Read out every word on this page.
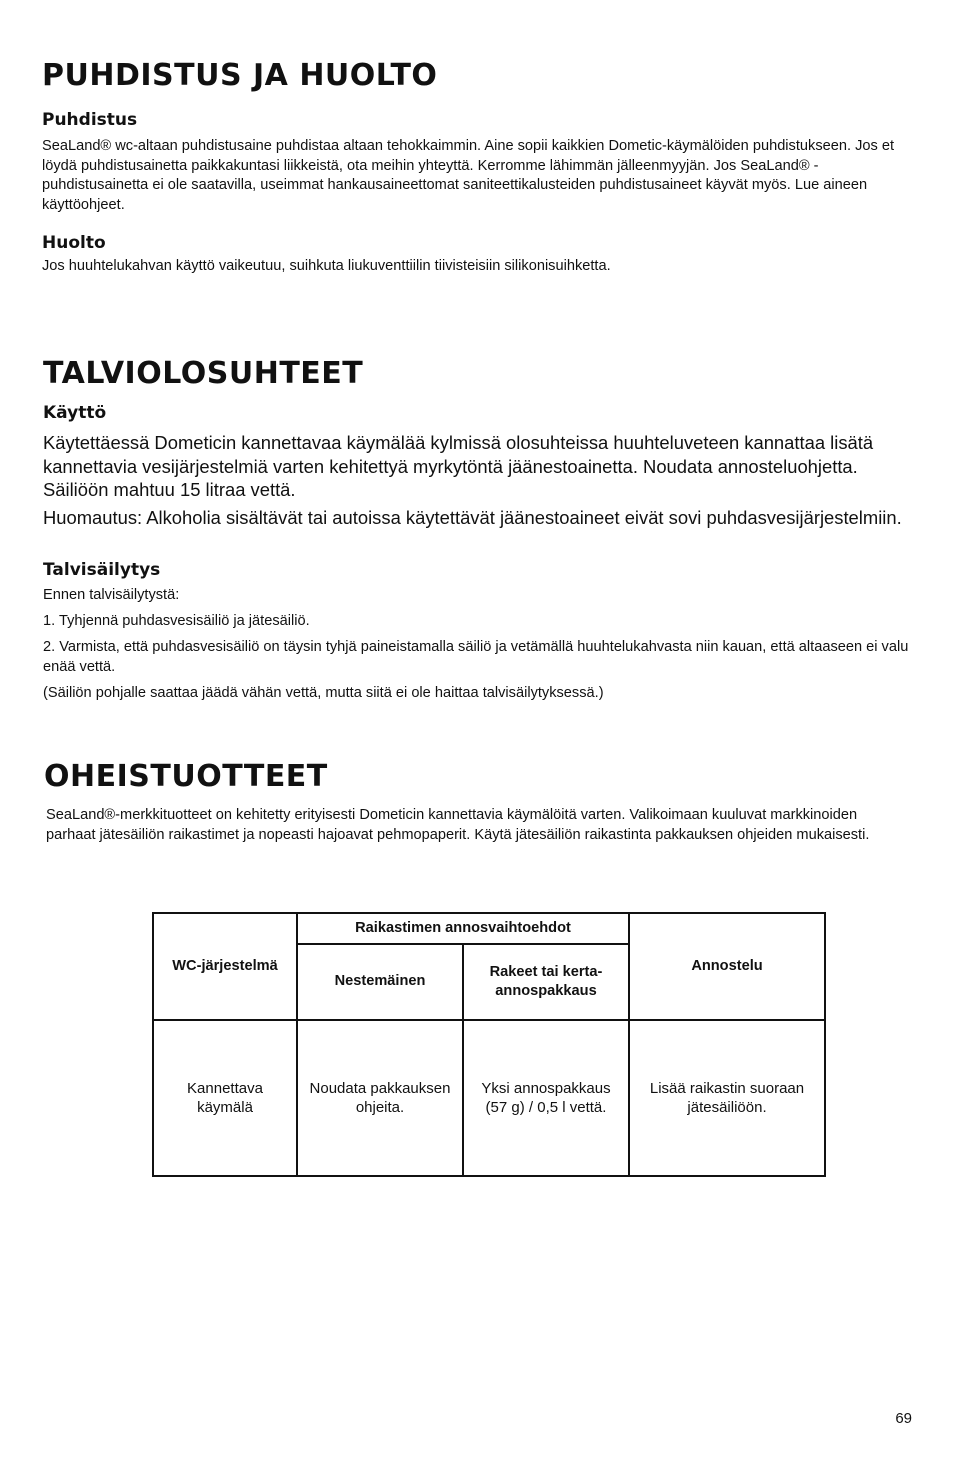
PUHDISTUS JA HUOLTO
Puhdistus

SeaLand® wc-altaan puhdistusaine puhdistaa altaan tehokkaimmin. Aine sopii kaikkien Dometic-käymälöiden puhdistukseen. Jos et löydä puhdistusainetta paikkakuntasi liikkeistä, ota meihin yhteyttä. Kerromme lähimmän jälleenmyyjän. Jos SeaLand® -puhdistusainetta ei ole saatavilla, useimmat hankausaineettomat saniteettikalusteiden puhdistusaineet käyvät myös. Lue aineen käyttöohjeet.

Huolto

Jos huuhtelukahvan käyttö vaikeutuu, suihkuta liukuventtiilin tiivisteisiin silikonisuihketta.

TALVIOLOSUHTEET
Käyttö

Käytettäessä Dometicin kannettavaa käymälää kylmissä olosuhteissa huuhteluveteen kannattaa lisätä kannettavia vesijärjestelmiä varten kehitettyä myrkytöntä jäänestoainetta. Noudata annosteluohjetta. Säiliöön mahtuu 15 litraa vettä.

Huomautus: Alkoholia sisältävät tai autoissa käytettävät jäänestoaineet eivät sovi puhdasvesijärjestelmiin.

Talvisäilytys

Ennen talvisäilytystä:

1. Tyhjennä puhdasvesisäiliö ja jätesäiliö.

2. Varmista, että puhdasvesisäiliö on täysin tyhjä paineistamalla säiliö ja vetämällä huuhtelukahvasta niin kauan, että altaaseen ei valu enää vettä.

(Säiliön pohjalle saattaa jäädä vähän vettä, mutta siitä ei ole haittaa talvisäilytyksessä.)

OHEISTUOTTEET

SeaLand®-merkkituotteet on kehitetty erityisesti Dometicin kannettavia käymälöitä varten. Valikoimaan kuuluvat markkinoiden parhaat jätesäiliön raikastimet ja nopeasti hajoavat pehmopaperit. Käytä jätesäiliön raikastinta pakkauksen ohjeiden mukaisesti.

WC-järjestelmä	Raikastimen annosvaihtoehdot		Annostelu
	Nestemäinen	Rakeet tai kerta-annospakkaus	
Kannettava käymälä	Noudata pakkauksen ohjeita.	Yksi annospakkaus (57 g) / 0,5 l vettä.	Lisää raikastin suoraan jätesäiliöön.
69
